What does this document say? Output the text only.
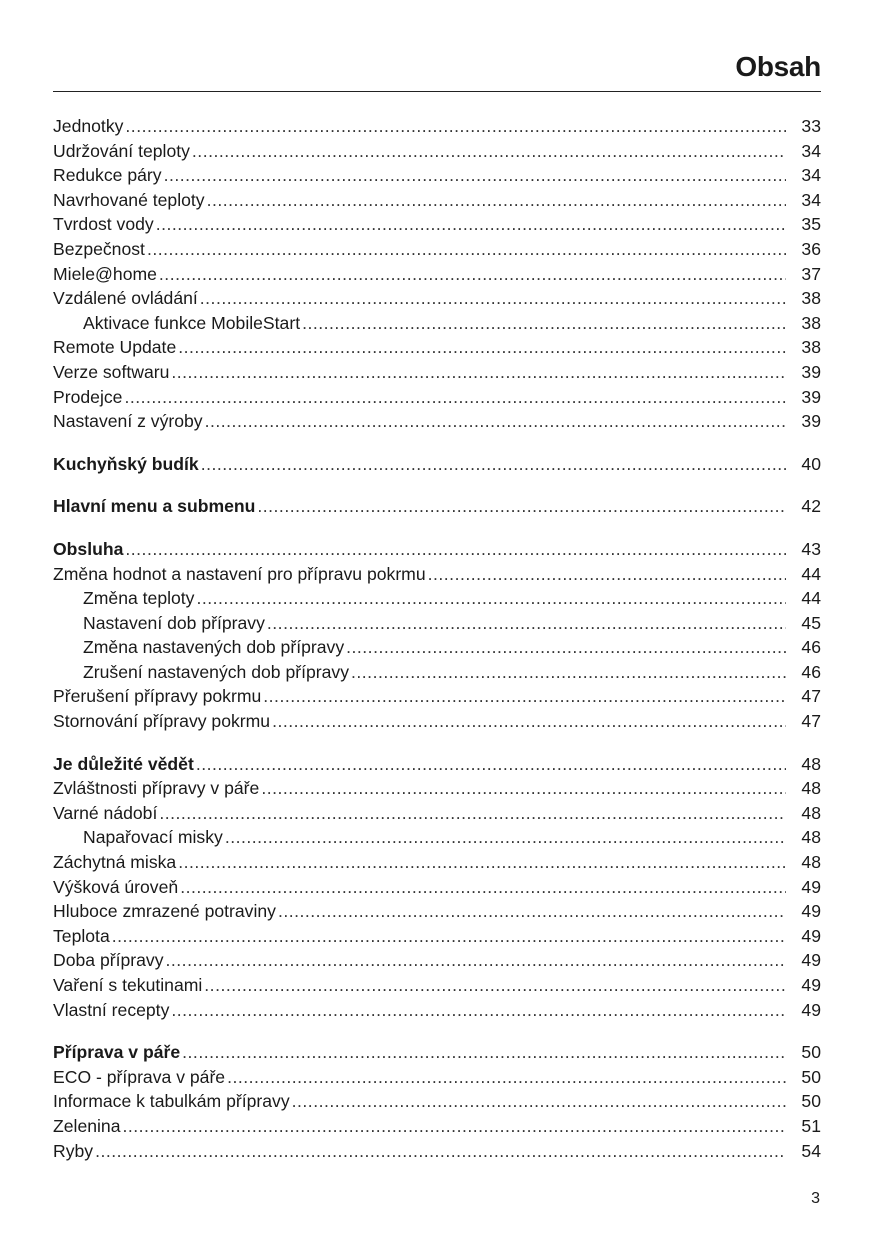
Obsah
Jednotky .....	33
Udržování teploty .....	34
Redukce páry .....	34
Navrhované teploty .....	34
Tvrdost vody .....	35
Bezpečnost .....	36
Miele@home .....	37
Vzdálené ovládání .....	38
Aktivace funkce MobileStart .....	38
Remote Update .....	38
Verze softwaru .....	39
Prodejce .....	39
Nastavení z výroby .....	39
Kuchyňský budík .....	40
Hlavní menu a submenu .....	42
Obsluha .....	43
Změna hodnot a nastavení pro přípravu pokrmu .....	44
Změna teploty .....	44
Nastavení dob přípravy .....	45
Změna nastavených dob přípravy .....	46
Zrušení nastavených dob přípravy .....	46
Přerušení přípravy pokrmu .....	47
Stornování přípravy pokrmu .....	47
Je důležité vědět .....	48
Zvláštnosti přípravy v páře .....	48
Varné nádobí .....	48
Napařovací misky .....	48
Záchytná miska .....	48
Výšková úroveň .....	49
Hluboce zmrazené potraviny .....	49
Teplota .....	49
Doba přípravy .....	49
Vaření s tekutinami .....	49
Vlastní recepty .....	49
Příprava v páře .....	50
ECO - příprava v páře .....	50
Informace k tabulkám přípravy .....	50
Zelenina .....	51
Ryby .....	54
3
